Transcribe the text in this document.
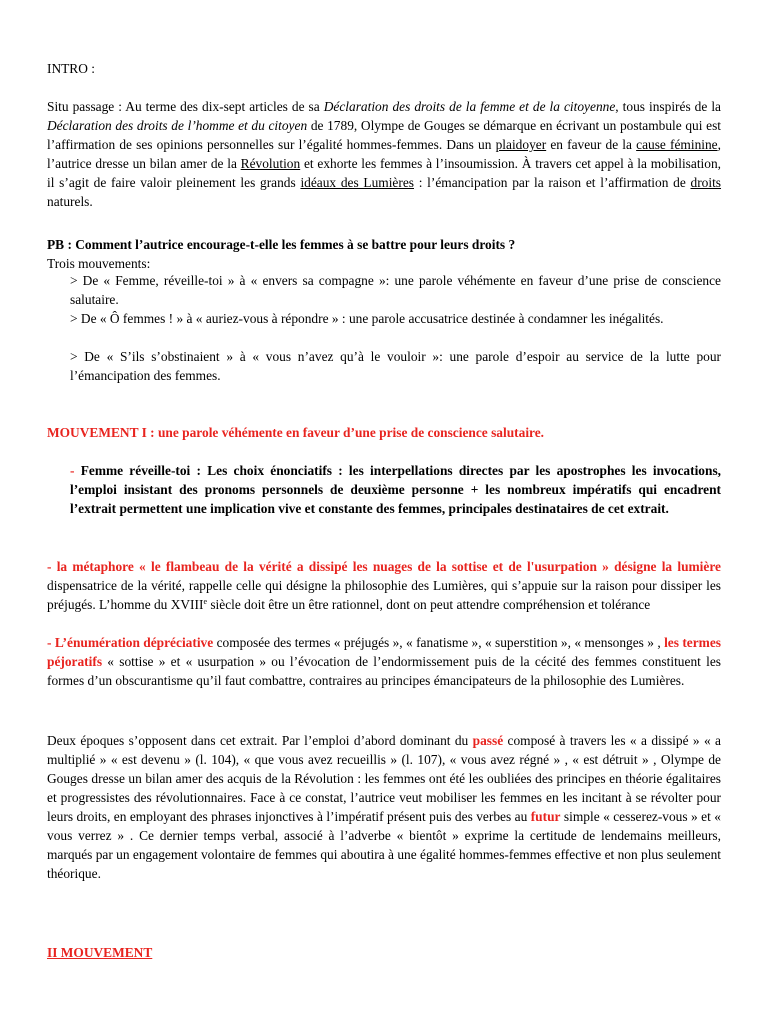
INTRO :

Situ passage : Au terme des dix-sept articles de sa Déclaration des droits de la femme et de la citoyenne, tous inspirés de la Déclaration des droits de l’homme et du citoyen de 1789, Olympe de Gouges se démarque en écrivant un postambule qui est l’affirmation de ses opinions personnelles sur l’égalité hommes-femmes. Dans un plaidoyer en faveur de la cause féminine, l’autrice dresse un bilan amer de la Révolution et exhorte les femmes à l’insoumission. À travers cet appel à la mobilisation, il s’agit de faire valoir pleinement les grands idéaux des Lumières : l’émancipation par la raison et l’affirmation de droits naturels.

PB : Comment l’autrice encourage-t-elle les femmes à se battre pour leurs droits ?

Trois mouvements:

> De « Femme, réveille-toi » à « envers sa compagne »: une parole véhémente en faveur d’une prise de conscience salutaire.

> De « Ô femmes ! » à « auriez-vous à répondre » : une parole accusatrice destinée à condamner les inégalités.

> De « S’ils s’obstinaient » à « vous n’avez qu’à le vouloir »: une parole d’espoir au service de la lutte pour l’émancipation des femmes.

MOUVEMENT I : une parole véhémente en faveur d’une prise de conscience salutaire.

- Femme réveille-toi : Les choix énonciatifs : les interpellations directes par les apostrophes les invocations, l’emploi insistant des pronoms personnels de deuxième personne + les nombreux impératifs qui encadrent l’extrait permettent une implication vive et constante des femmes, principales destinataires de cet extrait.

- la métaphore « le flambeau de la vérité a dissipé les nuages de la sottise et de l'usurpation » désigne la lumière dispensatrice de la vérité, rappelle celle qui désigne la philosophie des Lumières, qui s’appuie sur la raison pour dissiper les préjugés. L’homme du XVIIIe siècle doit être un être rationnel, dont on peut attendre compréhension et tolérance

- L’énumération dépréciative composée des termes « préjugés », « fanatisme », « superstition », « mensonges » , les termes péjoratifs « sottise » et « usurpation » ou l’évocation de l’endormissement puis de la cécité des femmes constituent les formes d’un obscurantisme qu’il faut combattre, contraires au principes émancipateurs de la philosophie des Lumières.

Deux époques s’opposent dans cet extrait. Par l’emploi d’abord dominant du passé composé à travers les « a dissipé » « a multiplié » « est devenu » (l. 104), « que vous avez recueillis » (l. 107), « vous avez régné » , « est détruit » , Olympe de Gouges dresse un bilan amer des acquis de la Révolution : les femmes ont été les oubliées des principes en théorie égalitaires et progressistes des révolutionnaires. Face à ce constat, l’autrice veut mobiliser les femmes en les incitant à se révolter pour leurs droits, en employant des phrases injonctives à l’impératif présent puis des verbes au futur simple « cesserez-vous » et « vous verrez » . Ce dernier temps verbal, associé à l’adverbe « bientôt » exprime la certitude de lendemains meilleurs, marqués par un engagement volontaire de femmes qui aboutira à une égalité hommes-femmes effective et non plus seulement théorique.

II MOUVEMENT
